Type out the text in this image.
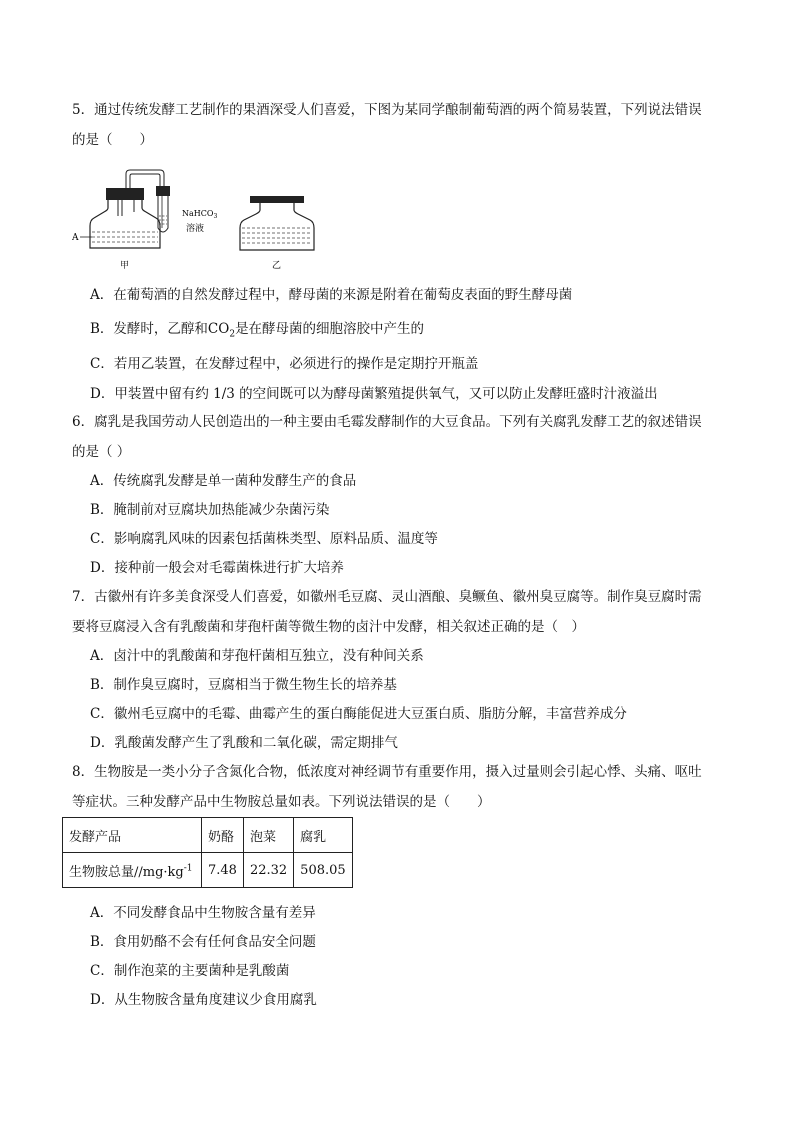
5．通过传统发酵工艺制作的果酒深受人们喜爱，下图为某同学酿制葡萄酒的两个简易装置，下列说法错误
的是（　　）
A
NaHCO$_3$
溶液
甲	乙
A．在葡萄酒的自然发酵过程中，酵母菌的来源是附着在葡萄皮表面的野生酵母菌
B．发酵时，乙醇和$CO_2$是在酵母菌的细胞溶胶中产生的
C．若用乙装置，在发酵过程中，必须进行的操作是定期拧开瓶盖
D．甲装置中留有约 1/3 的空间既可以为酵母菌繁殖提供氧气，又可以防止发酵旺盛时汁液溢出
6．腐乳是我国劳动人民创造出的一种主要由毛霉发酵制作的大豆食品。下列有关腐乳发酵工艺的叙述错误
的是（ ）
A．传统腐乳发酵是单一菌种发酵生产的食品
B．腌制前对豆腐块加热能减少杂菌污染
C．影响腐乳风味的因素包括菌株类型、原料品质、温度等
D．接种前一般会对毛霉菌株进行扩大培养
7．古徽州有许多美食深受人们喜爱，如徽州毛豆腐、灵山酒酿、臭鳜鱼、徽州臭豆腐等。制作臭豆腐时需
要将豆腐浸入含有乳酸菌和芽孢杆菌等微生物的卤汁中发酵，相关叙述正确的是（　）
A．卤汁中的乳酸菌和芽孢杆菌相互独立，没有种间关系
B．制作臭豆腐时，豆腐相当于微生物生长的培养基
C．徽州毛豆腐中的毛霉、曲霉产生的蛋白酶能促进大豆蛋白质、脂肪分解，丰富营养成分
D．乳酸菌发酵产生了乳酸和二氧化碳，需定期排气
8．生物胺是一类小分子含氮化合物，低浓度对神经调节有重要作用，摄入过量则会引起心悸、头痛、呕吐
等症状。三种发酵产品中生物胺总量如表。下列说法错误的是（　　）
发酵产品	奶酪	泡菜	腐乳
生物胺总量$//mg\cdot kg^{-1}$	7.48	22.32	508.05
A．不同发酵食品中生物胺含量有差异
B．食用奶酪不会有任何食品安全问题
C．制作泡菜的主要菌种是乳酸菌
D．从生物胺含量角度建议少食用腐乳
